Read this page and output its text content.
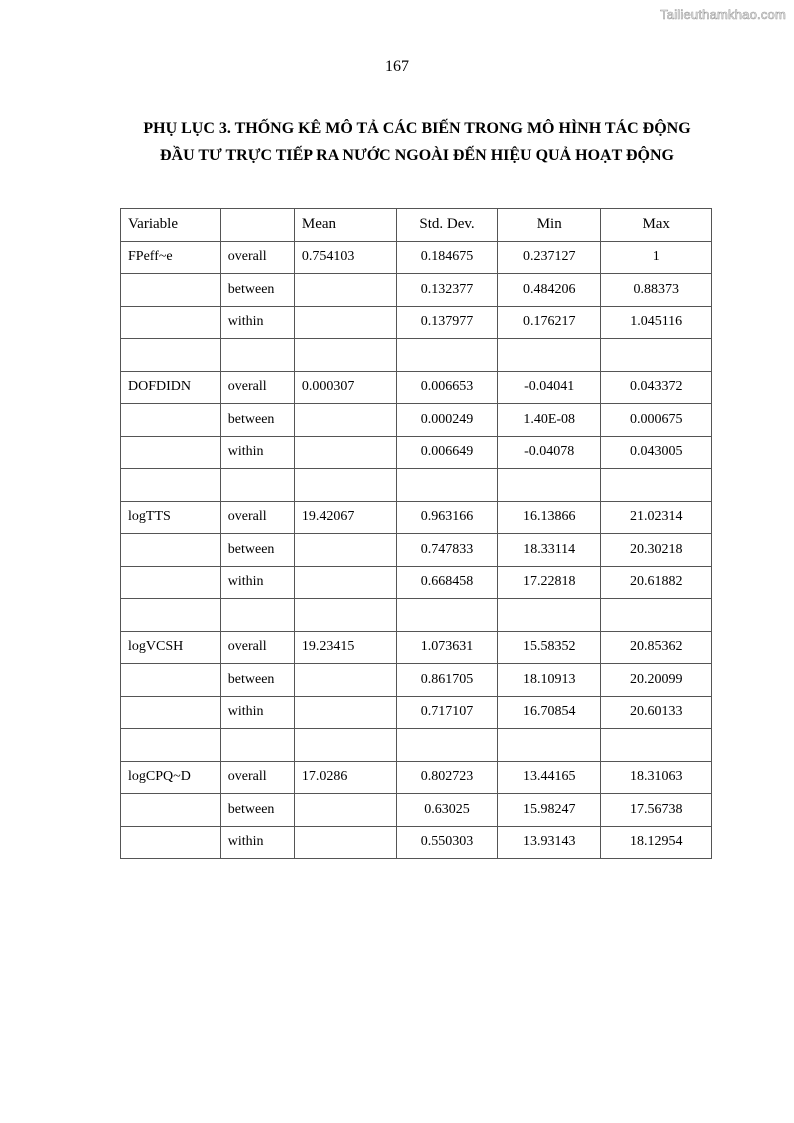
Tailieuthamkhao.com
167
PHỤ LỤC 3. THỐNG KÊ MÔ TẢ CÁC BIẾN TRONG MÔ HÌNH TÁC ĐỘNG
ĐẦU TƯ TRỰC TIẾP RA NƯỚC NGOÀI ĐẾN HIỆU QUẢ HOẠT ĐỘNG
Variable		Mean	Std. Dev.	Min	Max
FPeff~e	overall	0.754103	0.184675	0.237127	1
	between		0.132377	0.484206	0.88373
	within		0.137977	0.176217	1.045116

DOFDIDN	overall	0.000307	0.006653	-0.04041	0.043372
	between		0.000249	1.40E-08	0.000675
	within		0.006649	-0.04078	0.043005

logTTS	overall	19.42067	0.963166	16.13866	21.02314
	between		0.747833	18.33114	20.30218
	within		0.668458	17.22818	20.61882

logVCSH	overall	19.23415	1.073631	15.58352	20.85362
	between		0.861705	18.10913	20.20099
	within		0.717107	16.70854	20.60133

logCPQ~D	overall	17.0286	0.802723	13.44165	18.31063
	between		0.63025	15.98247	17.56738
	within		0.550303	13.93143	18.12954
